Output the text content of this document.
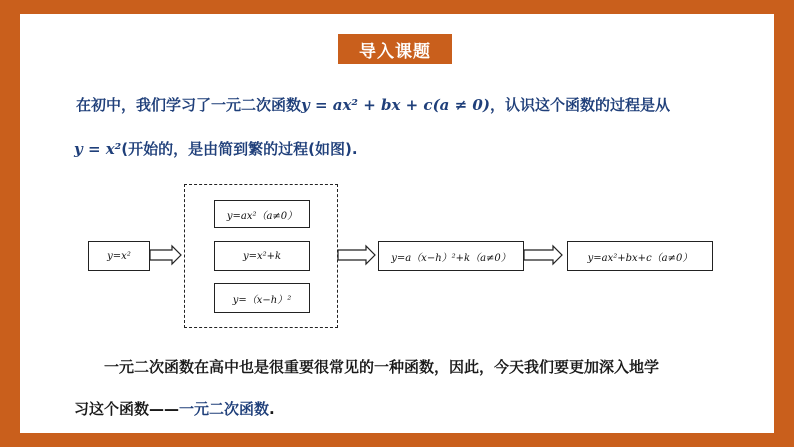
导入课题
在初中，我们学习了一元二次函数y = ax² + bx + c(a ≠ 0)，认识这个函数的过程是从
y = x²(开始的，是由简到繁的过程(如图).
y=x²
y=ax²（a≠0）
y=x²+k
y=（x−h）²
y=a（x−h）²+k（a≠0）	y=ax²+bx+c（a≠0）
一元二次函数在高中也是很重要很常见的一种函数，因此，今天我们要更加深入地学
习这个函数——一元二次函数.
